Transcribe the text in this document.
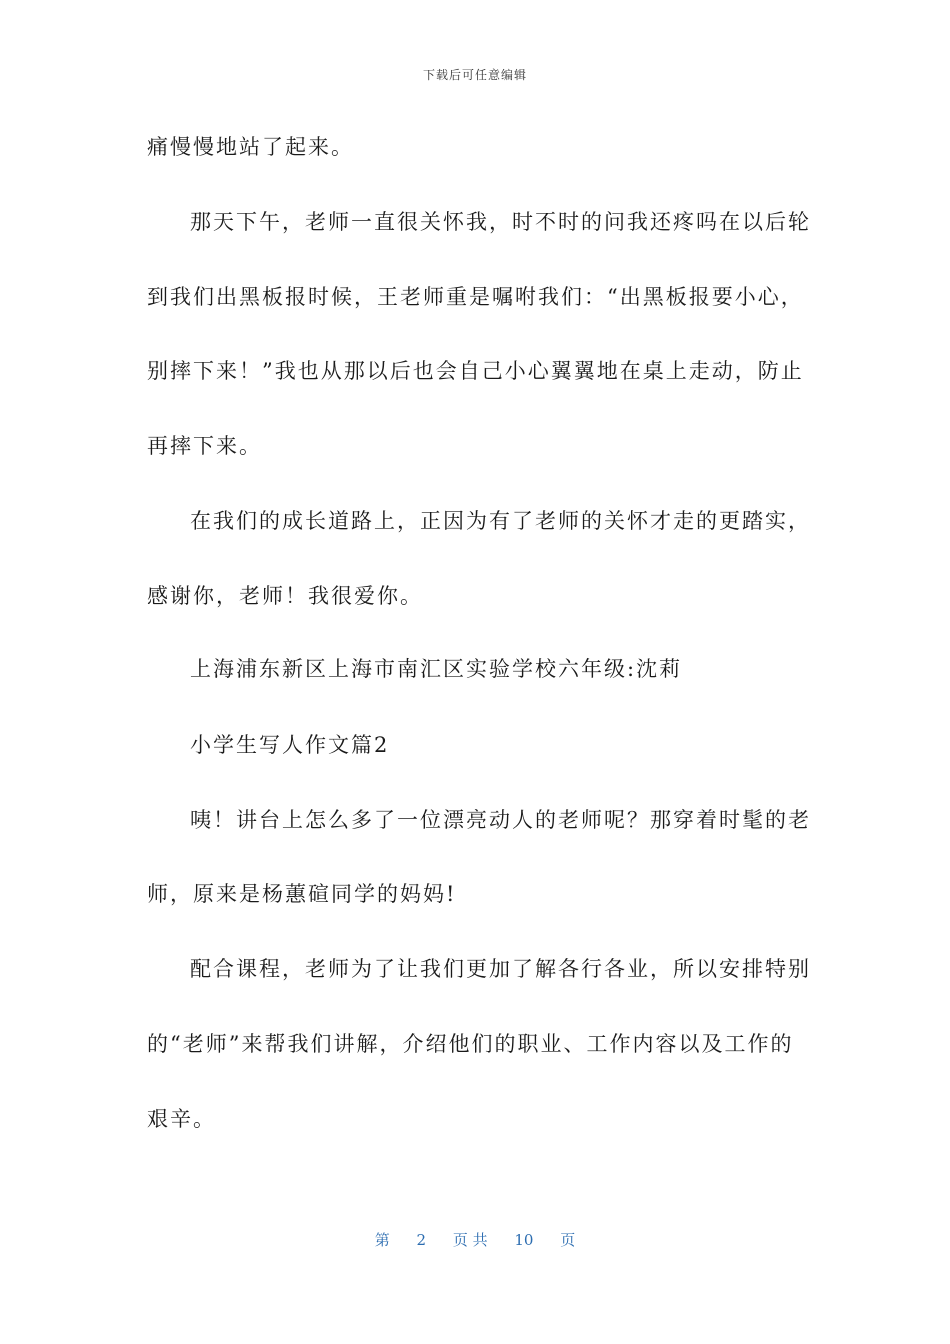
下载后可任意编辑
痛慢慢地站了起来。
那天下午，老师一直很关怀我，时不时的问我还疼吗在以后轮
到我们出黑板报时候，王老师重是嘱咐我们：“出黑板报要小心，
别摔下来！”我也从那以后也会自己小心翼翼地在桌上走动，防止
再摔下来。
在我们的成长道路上，正因为有了老师的关怀才走的更踏实，
感谢你，老师！我很爱你。
上海浦东新区上海市南汇区实验学校六年级:沈莉
小学生写人作文篇2
咦！讲台上怎么多了一位漂亮动人的老师呢？那穿着时髦的老
师，原来是杨蕙碹同学的妈妈!
配合课程，老师为了让我们更加了解各行各业，所以安排特别
的“老师”来帮我们讲解，介绍他们的职业、工作内容以及工作的
艰辛。
第 2 页 共 10 页
